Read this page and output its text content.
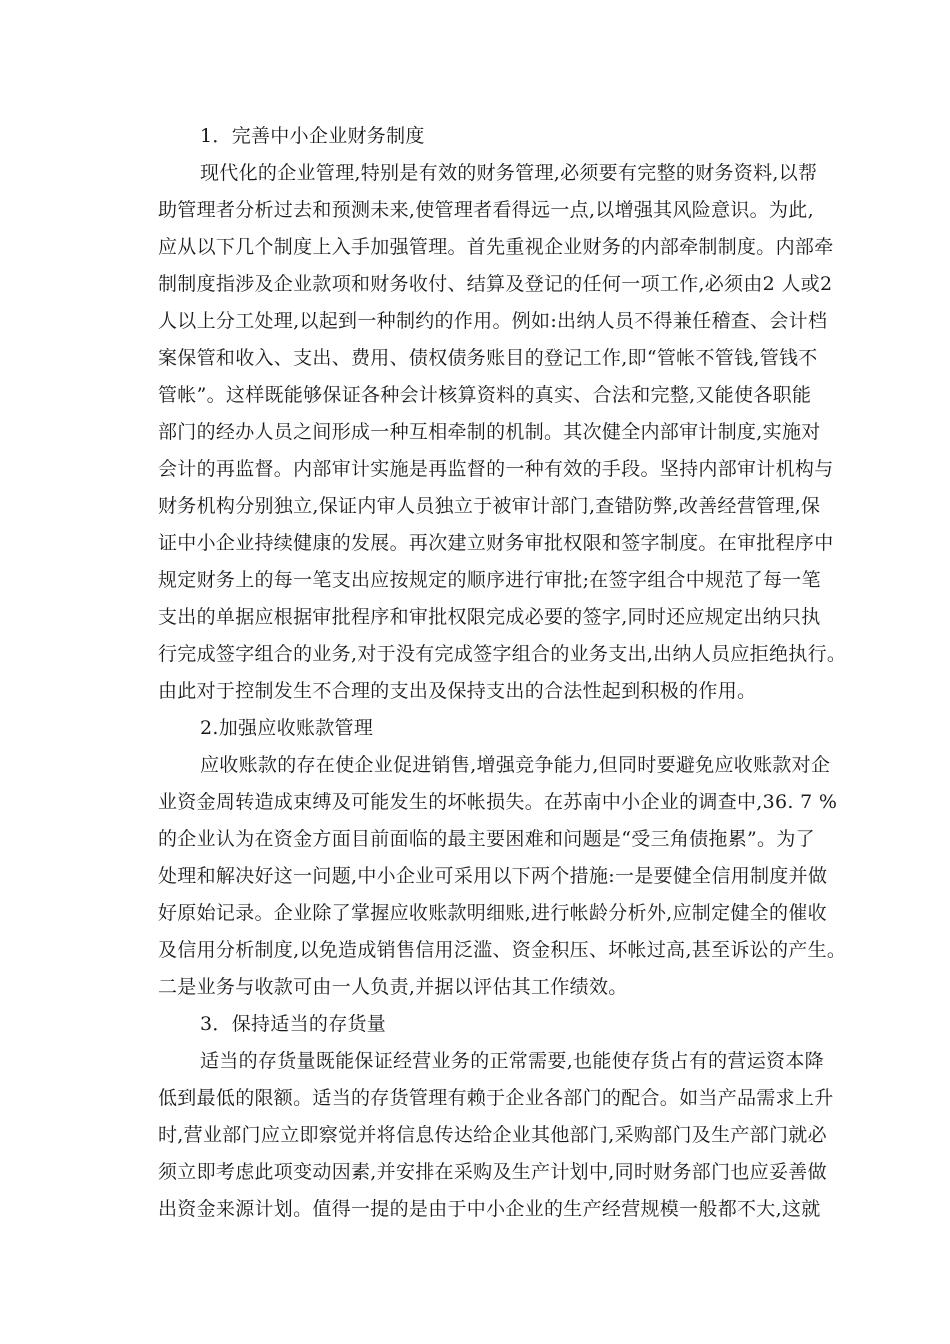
1．完善中小企业财务制度
现代化的企业管理,特别是有效的财务管理,必须要有完整的财务资料,以帮
助管理者分析过去和预测未来,使管理者看得远一点,以增强其风险意识。为此,
应从以下几个制度上入手加强管理。首先重视企业财务的内部牵制制度。内部牵
制制度指涉及企业款项和财务收付、结算及登记的任何一项工作,必须由2 人或2
人以上分工处理,以起到一种制约的作用。例如:出纳人员不得兼任稽查、会计档
案保管和收入、支出、费用、债权债务账目的登记工作,即“管帐不管钱,管钱不
管帐”。这样既能够保证各种会计核算资料的真实、合法和完整,又能使各职能
部门的经办人员之间形成一种互相牵制的机制。其次健全内部审计制度,实施对
会计的再监督。内部审计实施是再监督的一种有效的手段。坚持内部审计机构与
财务机构分别独立,保证内审人员独立于被审计部门,查错防弊,改善经营管理,保
证中小企业持续健康的发展。再次建立财务审批权限和签字制度。在审批程序中
规定财务上的每一笔支出应按规定的顺序进行审批;在签字组合中规范了每一笔
支出的单据应根据审批程序和审批权限完成必要的签字,同时还应规定出纳只执
行完成签字组合的业务,对于没有完成签字组合的业务支出,出纳人员应拒绝执行。
由此对于控制发生不合理的支出及保持支出的合法性起到积极的作用。
2.加强应收账款管理
应收账款的存在使企业促进销售,增强竞争能力,但同时要避免应收账款对企
业资金周转造成束缚及可能发生的坏帐损失。在苏南中小企业的调查中,36. 7 %
的企业认为在资金方面目前面临的最主要困难和问题是“受三角债拖累”。为了
处理和解决好这一问题,中小企业可采用以下两个措施:一是要健全信用制度并做
好原始记录。企业除了掌握应收账款明细账,进行帐龄分析外,应制定健全的催收
及信用分析制度,以免造成销售信用泛滥、资金积压、坏帐过高,甚至诉讼的产生。
二是业务与收款可由一人负责,并据以评估其工作绩效。
3．保持适当的存货量
适当的存货量既能保证经营业务的正常需要,也能使存货占有的营运资本降
低到最低的限额。适当的存货管理有赖于企业各部门的配合。如当产品需求上升
时,营业部门应立即察觉并将信息传达给企业其他部门,采购部门及生产部门就必
须立即考虑此项变动因素,并安排在采购及生产计划中,同时财务部门也应妥善做
出资金来源计划。值得一提的是由于中小企业的生产经营规模一般都不大,这就
